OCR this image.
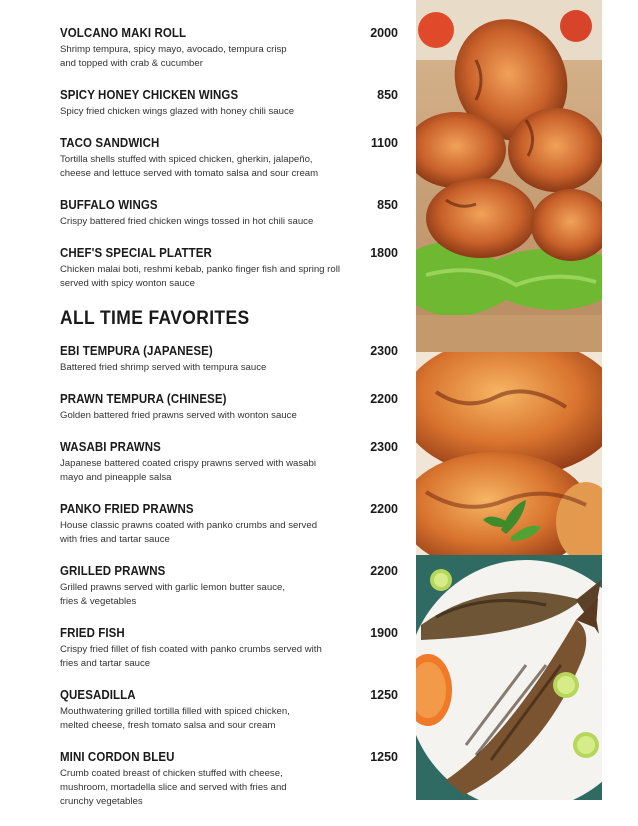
VOLCANO MAKI ROLL	2000
Shrimp tempura, spicy mayo, avocado, tempura crisp
and topped with crab & cucumber
SPICY HONEY CHICKEN WINGS	850
Spicy fried chicken wings glazed with honey chili sauce
TACO SANDWICH	1100
Tortilla shells stuffed with spiced chicken, gherkin, jalapeño,
cheese and lettuce served with tomato salsa and sour cream
BUFFALO WINGS	850
Crispy battered fried chicken wings tossed in hot chili sauce
CHEF'S SPECIAL PLATTER	1800
Chicken malai boti, reshmi kebab, panko finger fish and spring roll
served with spicy wonton sauce
ALL TIME FAVORITES
EBI TEMPURA (JAPANESE)	2300
Battered fried shrimp served with tempura sauce
PRAWN TEMPURA (CHINESE)	2200
Golden battered fried prawns served with wonton sauce
WASABI PRAWNS	2300
Japanese battered coated crispy prawns served with wasabi
mayo and pineapple salsa
PANKO FRIED PRAWNS	2200
House classic prawns coated with panko crumbs and served
with fries and tartar sauce
GRILLED PRAWNS	2200
Grilled prawns served with garlic lemon butter sauce,
fries & vegetables
FRIED FISH	1900
Crispy fried fillet of fish coated with panko crumbs served with
fries and tartar sauce
QUESADILLA	1250
Mouthwatering grilled tortilla filled with spiced chicken,
melted cheese, fresh tomato salsa and sour cream
MINI CORDON BLEU	1250
Crumb coated breast of chicken stuffed with cheese,
mushroom, mortadella slice and served with fries and
crunchy vegetables
